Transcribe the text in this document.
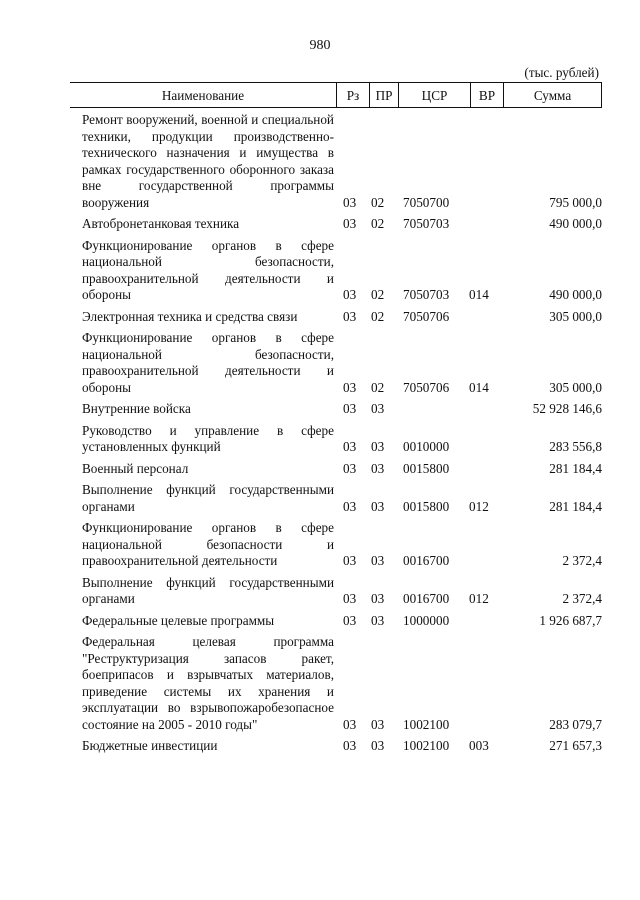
980
(тыс. рублей)
Наименование	Рз	ПР	ЦСР	ВР	Сумма
Ремонт вооружений, военной и специальной техники, продукции производственно-технического назначения и имущества в рамках государственного оборонного заказа вне государственной программы вооружения	03 02 7050700	795 000,0
Автобронетанковая техника	03 02 7050703	490 000,0
Функционирование органов в сфере национальной безопасности, правоохранительной деятельности и обороны	03 02 7050703 014	490 000,0
Электронная техника и средства связи	03 02 7050706	305 000,0
Функционирование органов в сфере национальной безопасности, правоохранительной деятельности и обороны	03 02 7050706 014	305 000,0
Внутренние войска	03 03	52 928 146,6
Руководство и управление в сфере установленных функций	03 03 0010000	283 556,8
Военный персонал	03 03 0015800	281 184,4
Выполнение функций государственными органами	03 03 0015800 012	281 184,4
Функционирование органов в сфере национальной безопасности и правоохранительной деятельности	03 03 0016700	2 372,4
Выполнение функций государственными органами	03 03 0016700 012	2 372,4
Федеральные целевые программы	03 03 1000000	1 926 687,7
Федеральная целевая программа "Реструктуризация запасов ракет, боеприпасов и взрывчатых материалов, приведение системы их хранения и эксплуатации во взрывопожаробезопасное состояние на 2005 - 2010 годы"	03 03 1002100	283 079,7
Бюджетные инвестиции	03 03 1002100 003	271 657,3
